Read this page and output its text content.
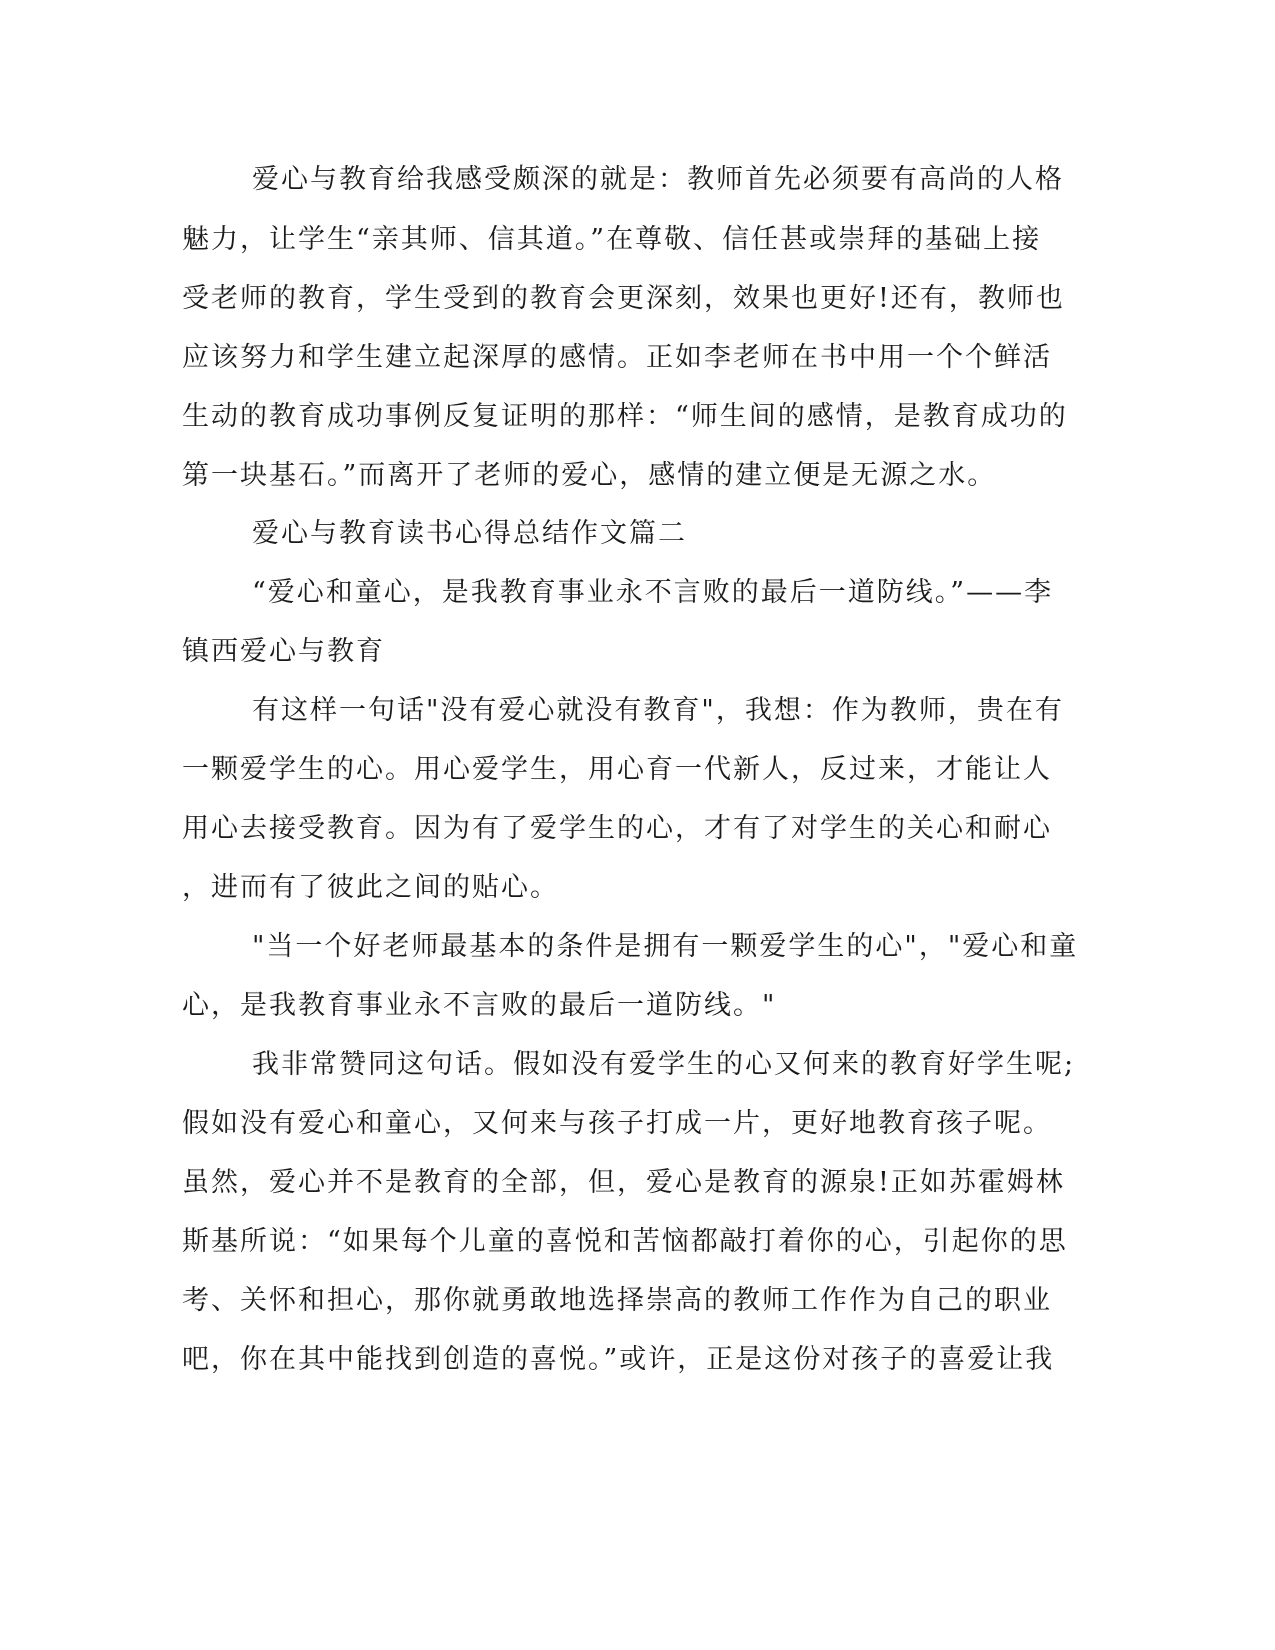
爱心与教育给我感受颇深的就是：教师首先必须要有高尚的人格
魅力，让学生“亲其师、信其道。”在尊敬、信任甚或崇拜的基础上接
受老师的教育，学生受到的教育会更深刻，效果也更好!还有，教师也
应该努力和学生建立起深厚的感情。正如李老师在书中用一个个鲜活
生动的教育成功事例反复证明的那样：“师生间的感情，是教育成功的
第一块基石。”而离开了老师的爱心，感情的建立便是无源之水。
爱心与教育读书心得总结作文篇二
“爱心和童心，是我教育事业永不言败的最后一道防线。”——李
镇西爱心与教育
有这样一句话"没有爱心就没有教育"，我想：作为教师，贵在有
一颗爱学生的心。用心爱学生，用心育一代新人，反过来，才能让人
用心去接受教育。因为有了爱学生的心，才有了对学生的关心和耐心
，进而有了彼此之间的贴心。
"当一个好老师最基本的条件是拥有一颗爱学生的心"，"爱心和童
心，是我教育事业永不言败的最后一道防线。"
我非常赞同这句话。假如没有爱学生的心又何来的教育好学生呢;
假如没有爱心和童心，又何来与孩子打成一片，更好地教育孩子呢。
虽然，爱心并不是教育的全部，但，爱心是教育的源泉!正如苏霍姆林
斯基所说：“如果每个儿童的喜悦和苦恼都敲打着你的心，引起你的思
考、关怀和担心，那你就勇敢地选择崇高的教师工作作为自己的职业
吧，你在其中能找到创造的喜悦。”或许，正是这份对孩子的喜爱让我
